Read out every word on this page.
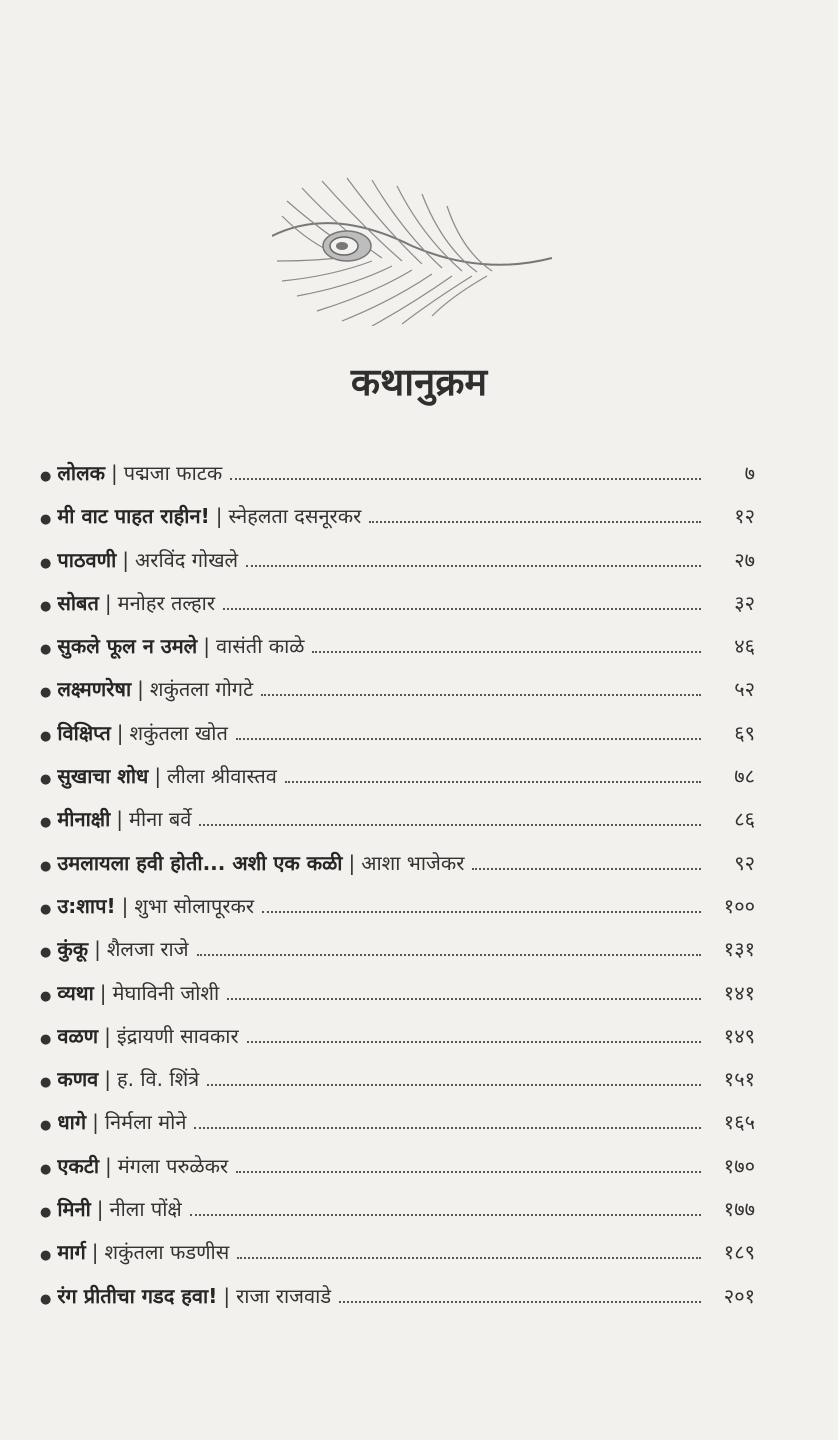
कथानुक्रम
● लोलक | पद्मजा फाटक	७
● मी वाट पाहत राहीन! | स्नेहलता दसनूरकर	१२
● पाठवणी | अरविंद गोखले	२७
● सोबत | मनोहर तल्हार	३२
● सुकले फूल न उमले | वासंती काळे	४६
● लक्ष्मणरेषा | शकुंतला गोगटे	५२
● विक्षिप्त | शकुंतला खोत	६९
● सुखाचा शोध | लीला श्रीवास्तव	७८
● मीनाक्षी | मीना बर्वे	८६
● उमलायला हवी होती... अशी एक कळी | आशा भाजेकर	९२
● उ:शाप! | शुभा सोलापूरकर	१००
● कुंकू | शैलजा राजे	१३१
● व्यथा | मेघाविनी जोशी	१४१
● वळण | इंद्रायणी सावकार	१४९
● कणव | ह. वि. शिंत्रे	१५१
● धागे | निर्मला मोने	१६५
● एकटी | मंगला परुळेकर	१७०
● मिनी | नीला पोंक्षे	१७७
● मार्ग | शकुंतला फडणीस	१८९
● रंग प्रीतीचा गडद हवा! | राजा राजवाडे	२०१
